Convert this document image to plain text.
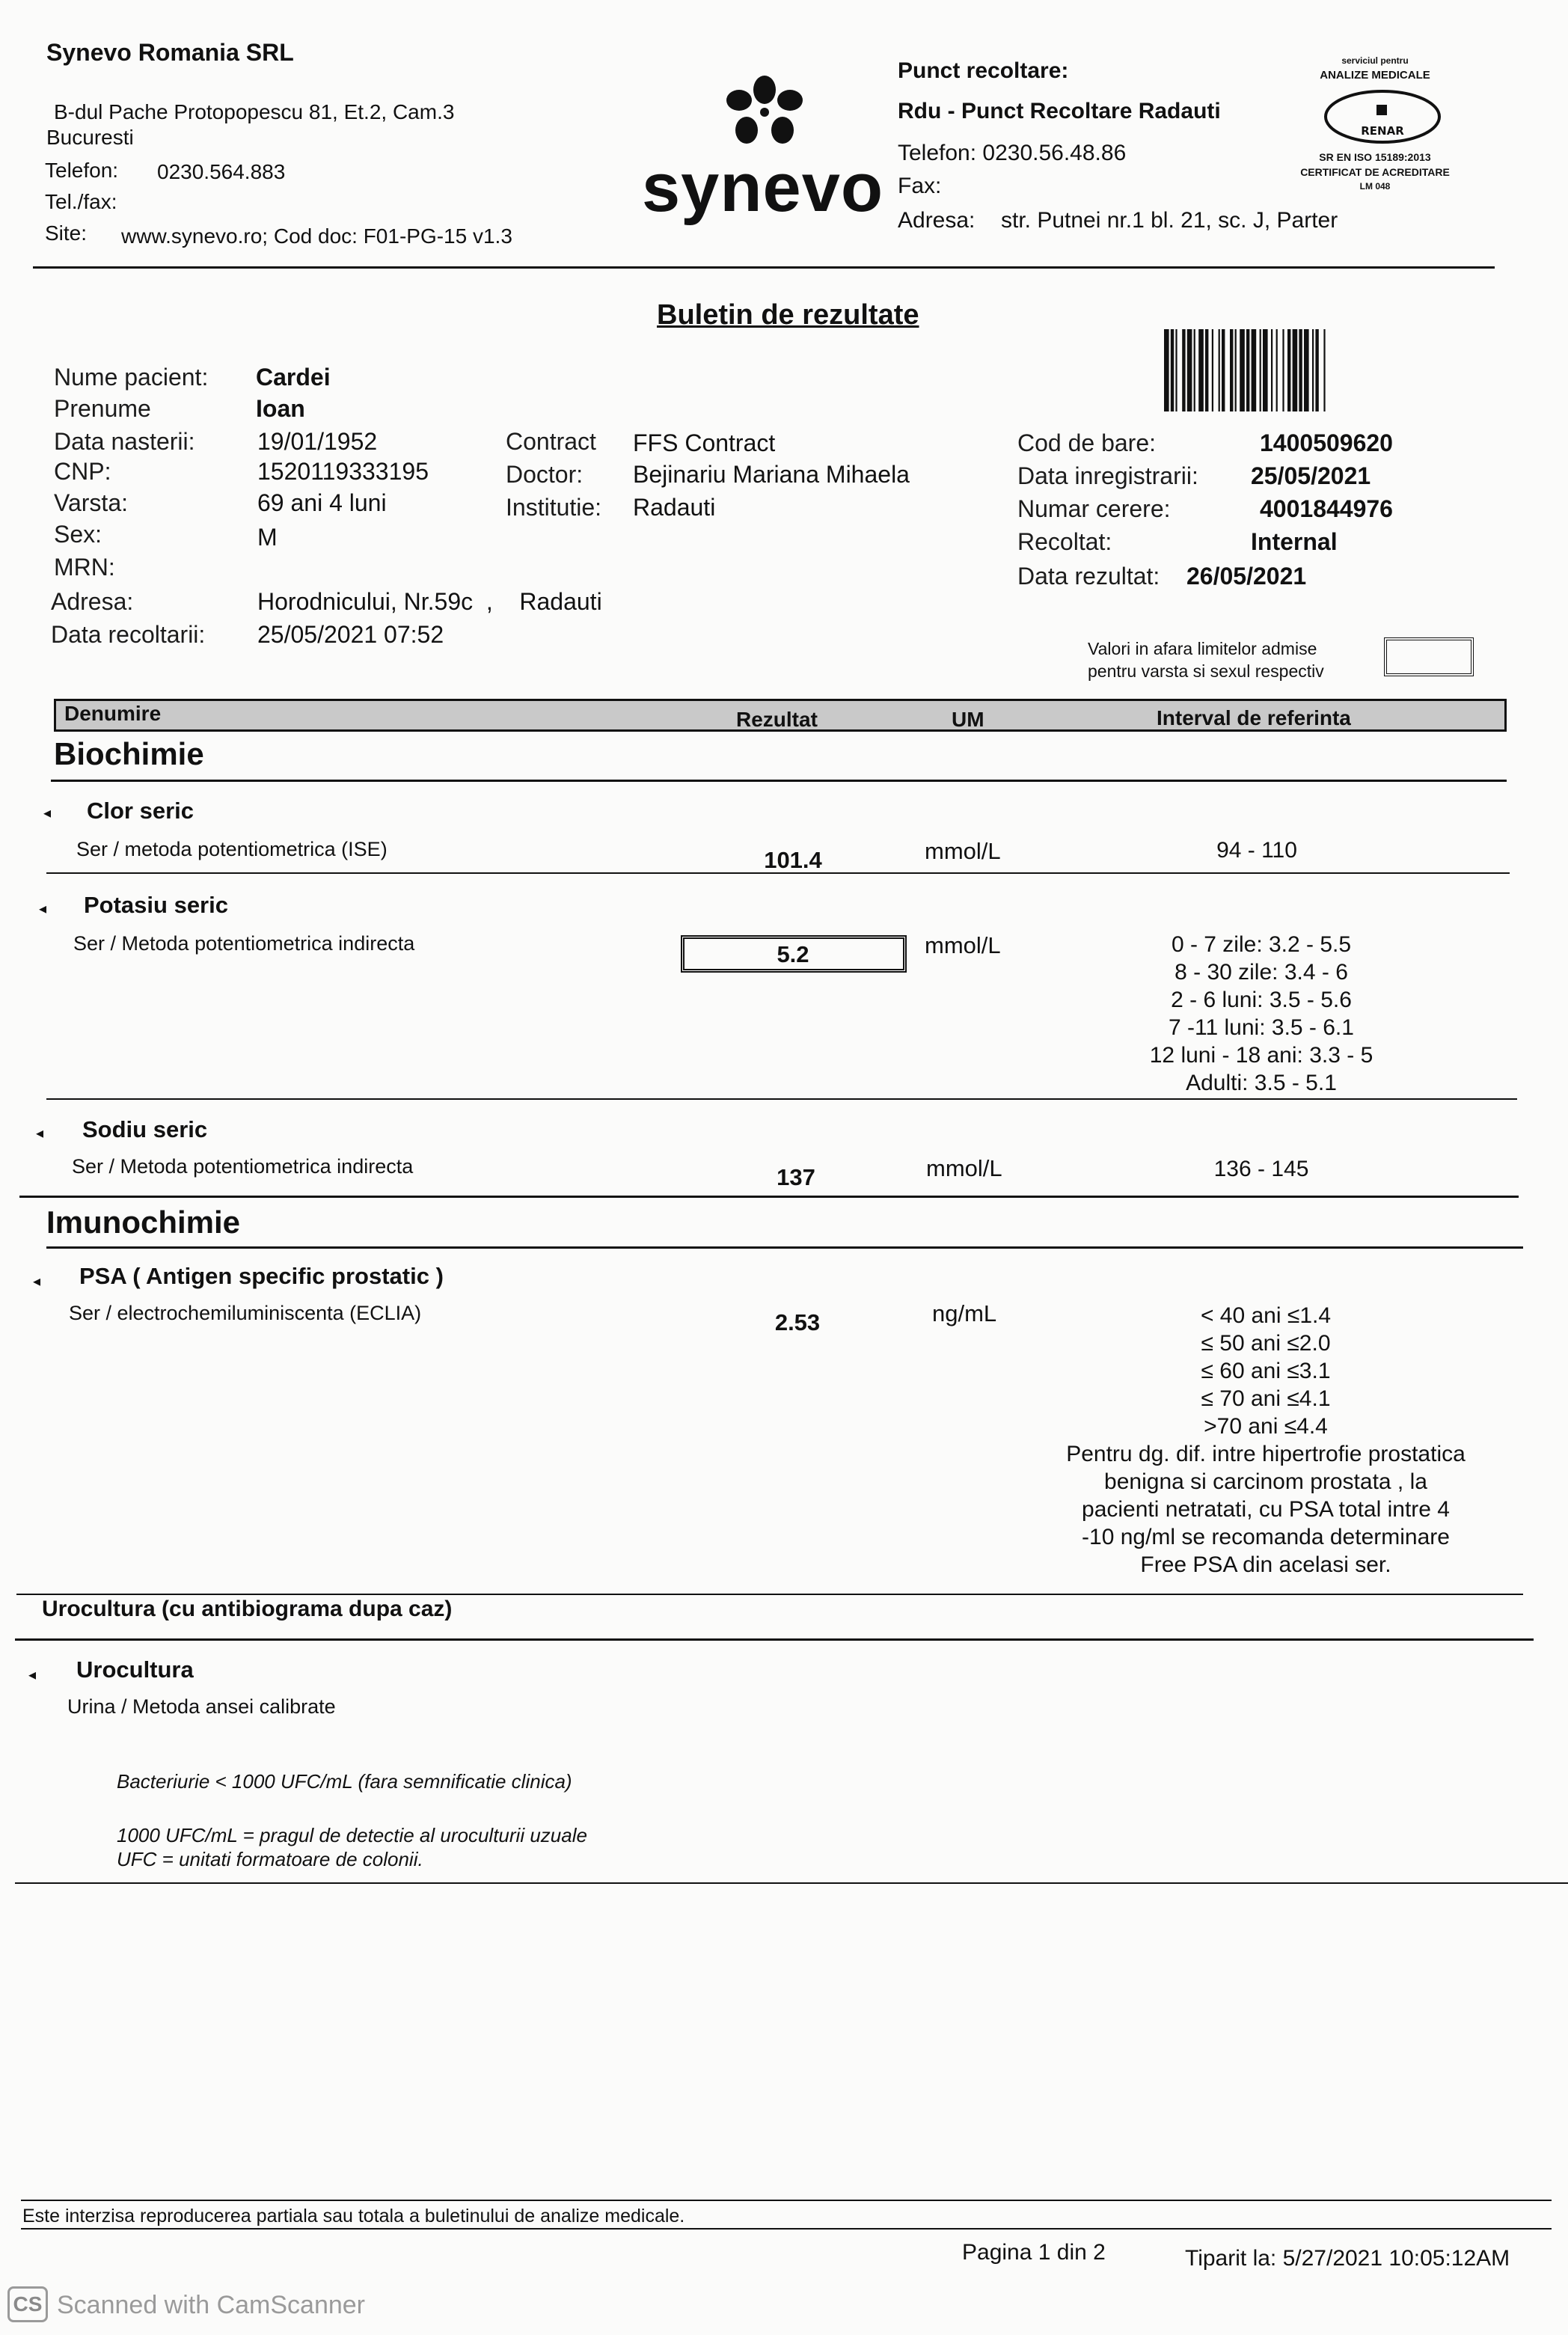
Synevo Romania SRL
B-dul Pache Protopopescu 81, Et.2, Cam.3
Bucuresti
Telefon: 0230.564.883
Tel./fax:
Site: www.synevo.ro; Cod doc: F01-PG-15 v1.3
synevo
Punct recoltare:
Rdu - Punct Recoltare Radauti
Telefon: 0230.56.48.86
Fax:
Adresa: str. Putnei nr.1 bl. 21, sc. J, Parter
serviciul pentru
ANALIZE MEDICALE
RENAR
SR EN ISO 15189:2013
CERTIFICAT DE ACREDITARE
LM 048
Buletin de rezultate
Nume pacient: Cardei
Prenume	Ioan
Data nasterii:	19/01/1952
CNP:	1520119333195
Varsta:	69 ani 4 luni
Sex:	M
MRN:
Adresa:	Horodnicului, Nr.59c  ,    Radauti
Data recoltarii: 25/05/2021 07:52
Contract FFS Contract
Doctor: Bejinariu Mariana Mihaela
Institutie: Radauti
Cod de bare:	1400509620
Data inregistrarii: 25/05/2021
Numar cerere:	4001844976
Recoltat:	Internal
Data rezultat: 26/05/2021
Valori in afara limitelor admise
pentru varsta si sexul respectiv
Denumire	Rezultat	UM	Interval de referinta
Biochimie
◂ Clor seric
Ser / metoda potentiometrica (ISE)	101.4	mmol/L	94 - 110
◂ Potasiu seric
Ser / Metoda potentiometrica indirecta	5.2	mmol/L	0 - 7 zile: 3.2 - 5.5
8 - 30 zile: 3.4 - 6
2 - 6 luni: 3.5 - 5.6
7 -11 luni: 3.5 - 6.1
12 luni - 18 ani: 3.3 - 5
Adulti: 3.5 - 5.1
◂ Sodiu seric
Ser / Metoda potentiometrica indirecta	137	mmol/L	136 - 145
Imunochimie
◂ PSA ( Antigen specific prostatic )
Ser / electrochemiluminiscenta (ECLIA)	2.53	ng/mL	< 40 ani ≤1.4
≤ 50 ani ≤2.0
≤ 60 ani ≤3.1
≤ 70 ani ≤4.1
>70 ani ≤4.4
Pentru dg. dif. intre hipertrofie prostatica
benigna si carcinom prostata , la
pacienti netratati, cu PSA total intre 4
-10 ng/ml se recomanda determinare
Free PSA din acelasi ser.
Urocultura (cu antibiograma dupa caz)
◂ Urocultura
Urina / Metoda ansei calibrate
Bacteriurie < 1000 UFC/mL (fara semnificatie clinica)
1000 UFC/mL = pragul de detectie al uroculturii uzuale
UFC = unitati formatoare de colonii.
Este interzisa reproducerea partiala sau totala a buletinului de analize medicale.
Pagina 1 din 2	Tiparit la: 5/27/2021 10:05:12AM
CS Scanned with CamScanner
